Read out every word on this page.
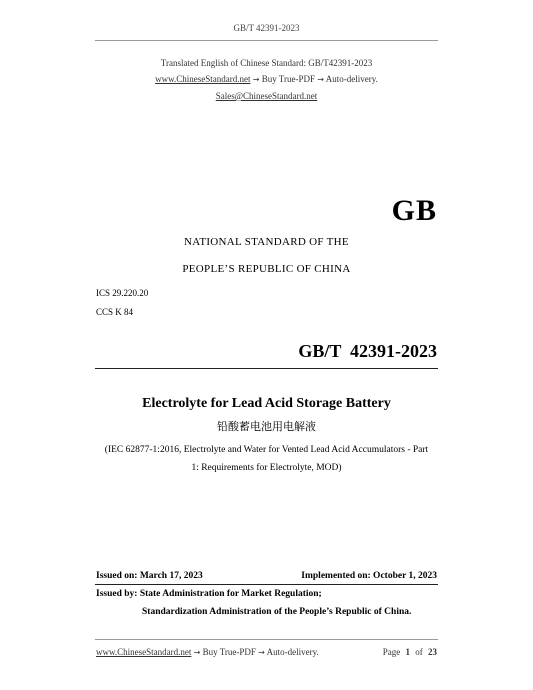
GB/T 42391-2023
Translated English of Chinese Standard: GB/T42391-2023
www.ChineseStandard.net → Buy True-PDF → Auto-delivery.
Sales@ChineseStandard.net
GB
NATIONAL STANDARD OF THE
PEOPLE’S REPUBLIC OF CHINA
ICS 29.220.20
CCS K 84
GB/T  42391-2023
Electrolyte for Lead Acid Storage Battery
铅酸蓄电池用电解液
(IEC 62877-1:2016, Electrolyte and Water for Vented Lead Acid Accumulators - Part
1: Requirements for Electrolyte, MOD)
Issued on: March 17, 2023	Implemented on: October 1, 2023
Issued by: State Administration for Market Regulation;
Standardization Administration of the People’s Republic of China.
www.ChineseStandard.net → Buy True-PDF → Auto-delivery.	Page 1 of 23
